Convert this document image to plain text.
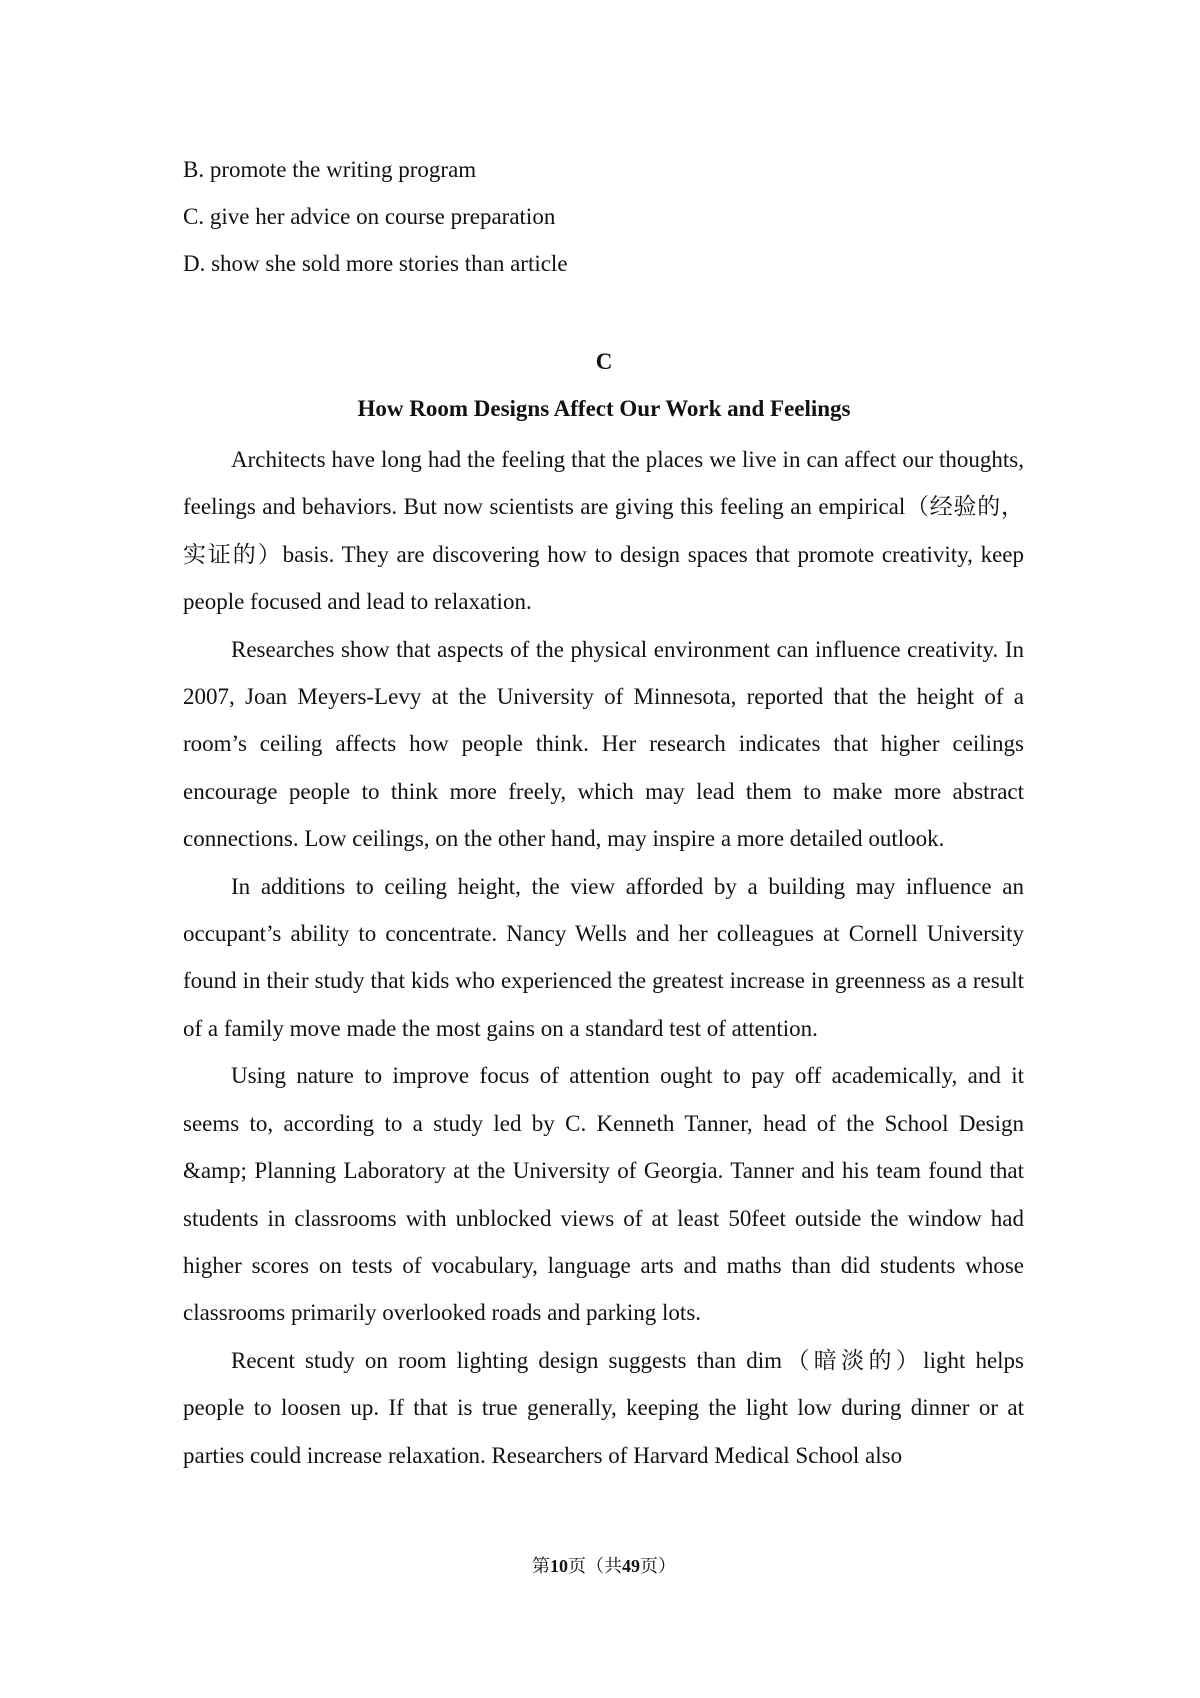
B. promote the writing program
C. give her advice on course preparation
D. show she sold more stories than article
C
How Room Designs Affect Our Work and Feelings

Architects have long had the feeling that the places we live in can affect our thoughts, feelings and behaviors. But now scientists are giving this feeling an empirical（经验的，实证的）basis. They are discovering how to design spaces that promote creativity, keep people focused and lead to relaxation.

Researches show that aspects of the physical environment can influence creativity. In 2007, Joan Meyers-Levy at the University of Minnesota, reported that the height of a room’s ceiling affects how people think. Her research indicates that higher ceilings encourage people to think more freely, which may lead them to make more abstract connections. Low ceilings, on the other hand, may inspire a more detailed outlook.

In additions to ceiling height, the view afforded by a building may influence an occupant’s ability to concentrate. Nancy Wells and her colleagues at Cornell University found in their study that kids who experienced the greatest increase in greenness as a result of a family move made the most gains on a standard test of attention.

Using nature to improve focus of attention ought to pay off academically, and it seems to, according to a study led by C. Kenneth Tanner, head of the School Design &amp; Planning Laboratory at the University of Georgia. Tanner and his team found that students in classrooms with unblocked views of at least 50feet outside the window had higher scores on tests of vocabulary, language arts and maths than did students whose classrooms primarily overlooked roads and parking lots.

Recent study on room lighting design suggests than dim（暗淡的）light helps people to loosen up. If that is true generally, keeping the light low during dinner or at parties could increase relaxation. Researchers of Harvard Medical School also

第10页（共49页）
